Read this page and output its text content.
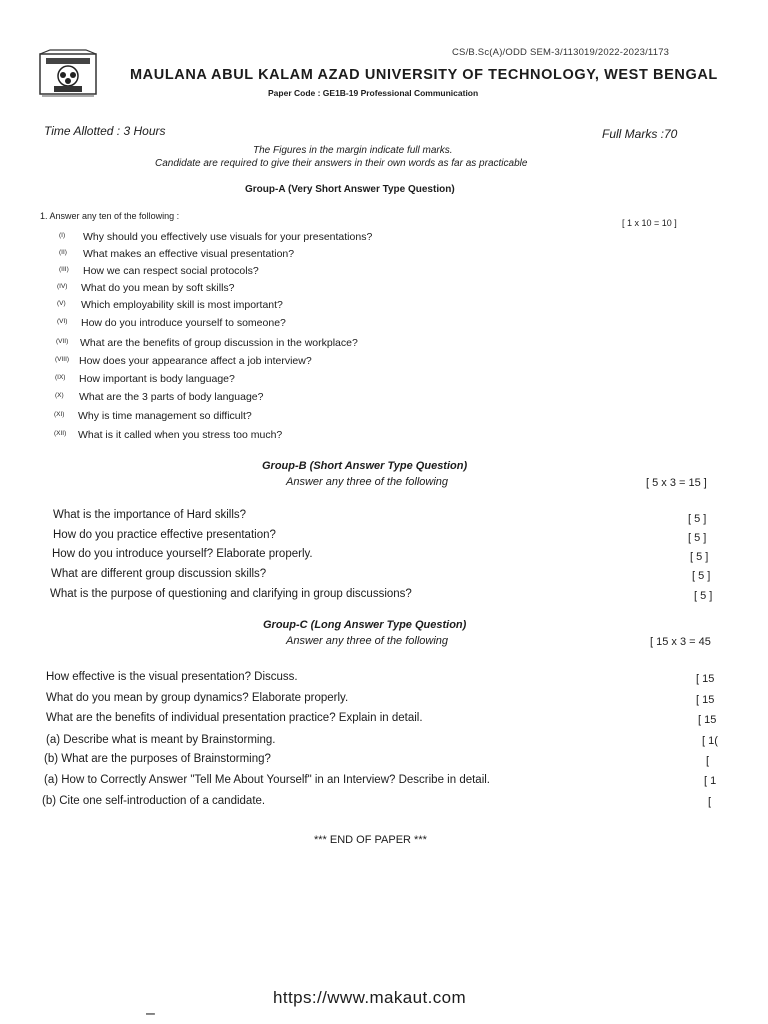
CS/B.Sc(A)/ODD SEM-3/113019/2022-2023/1173
MAULANA ABUL KALAM AZAD UNIVERSITY OF TECHNOLOGY, WEST BENGAL
Paper Code : GE1B-19 Professional Communication
Time Allotted : 3 Hours	Full Marks :70
The Figures in the margin indicate full marks.
Candidate are required to give their answers in their own words as far as practicable
Group-A (Very Short Answer Type Question)
1. Answer any ten of the following :
[ 1 x 10 = 10 ]
(I) Why should you effectively use visuals for your presentations?
(II) What makes an effective visual presentation?
(III) How we can respect social protocols?
(IV) What do you mean by soft skills?
(V) Which employability skill is most important?
(VI) How do you introduce yourself to someone?
(VII) What are the benefits of group discussion in the workplace?
(VIII) How does your appearance affect a job interview?
(IX) How important is body language?
(X) What are the 3 parts of body language?
(XI) Why is time management so difficult?
(XII) What is it called when you stress too much?
Group-B (Short Answer Type Question)
Answer any three of the following	[ 5 x 3 = 15 ]
What is the importance of Hard skills?	[ 5 ]
How do you practice effective presentation?	[ 5 ]
How do you introduce yourself? Elaborate properly.	[ 5 ]
What are different group discussion skills?	[ 5 ]
What is the purpose of questioning and clarifying in group discussions?	[ 5 ]
Group-C (Long Answer Type Question)
Answer any three of the following	[ 15 x 3 = 45
How effective is the visual presentation? Discuss.	[ 15
What do you mean by group dynamics? Elaborate properly.	[ 15
What are the benefits of individual presentation practice? Explain in detail.	[ 15
(a) Describe what is meant by Brainstorming.	[ 1(
(b) What are the purposes of Brainstorming?	[
(a) How to Correctly Answer "Tell Me About Yourself" in an Interview? Describe in detail.	[ 1
(b) Cite one self-introduction of a candidate.	[
*** END OF PAPER ***
https://www.makaut.com
–
